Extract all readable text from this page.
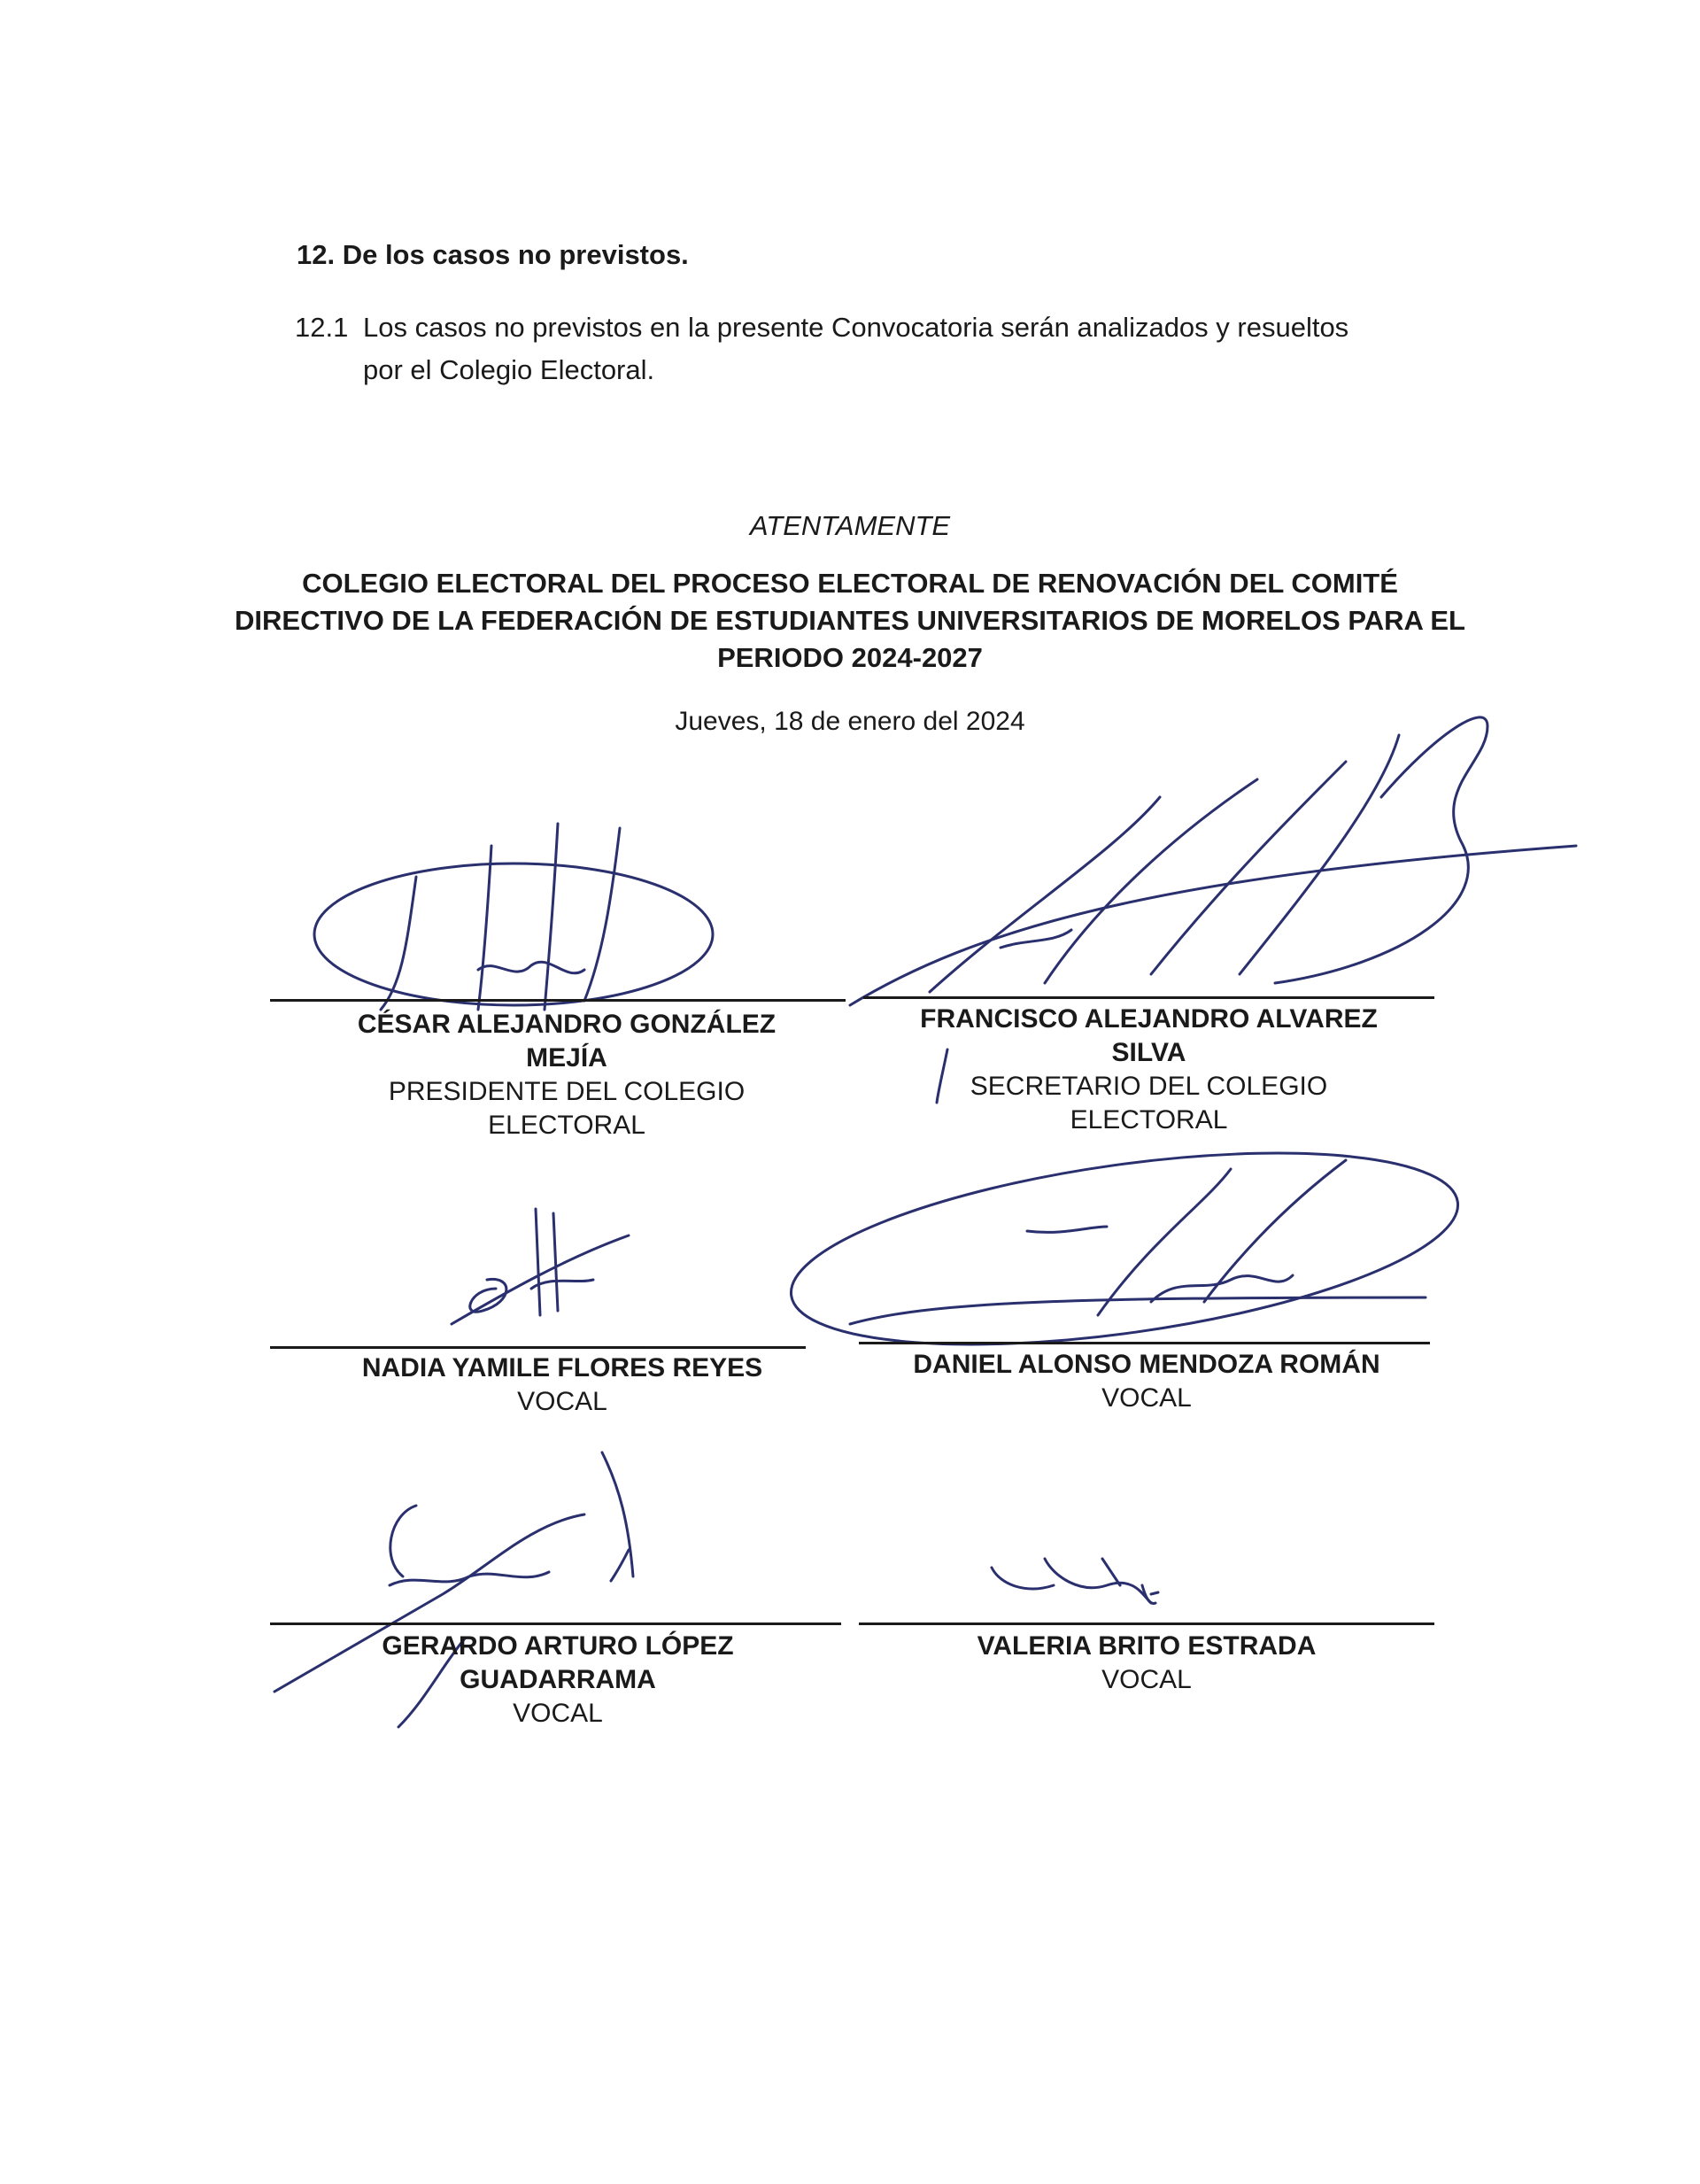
12. De los casos no previstos.
12.1 Los casos no previstos en la presente Convocatoria serán analizados y resueltos
por el Colegio Electoral.
ATENTAMENTE
COLEGIO ELECTORAL DEL PROCESO ELECTORAL DE RENOVACIÓN DEL COMITÉ DIRECTIVO DE LA FEDERACIÓN DE ESTUDIANTES UNIVERSITARIOS DE MORELOS PARA EL PERIODO 2024-2027
Jueves, 18 de enero del 2024
CÉSAR ALEJANDRO GONZÁLEZ
MEJÍA
PRESIDENTE DEL COLEGIO
ELECTORAL
FRANCISCO ALEJANDRO ALVAREZ
SILVA
SECRETARIO DEL COLEGIO
ELECTORAL
NADIA YAMILE FLORES REYES
VOCAL
DANIEL ALONSO MENDOZA ROMÁN
VOCAL
GERARDO ARTURO LÓPEZ
GUADARRAMA
VOCAL
VALERIA BRITO ESTRADA
VOCAL
